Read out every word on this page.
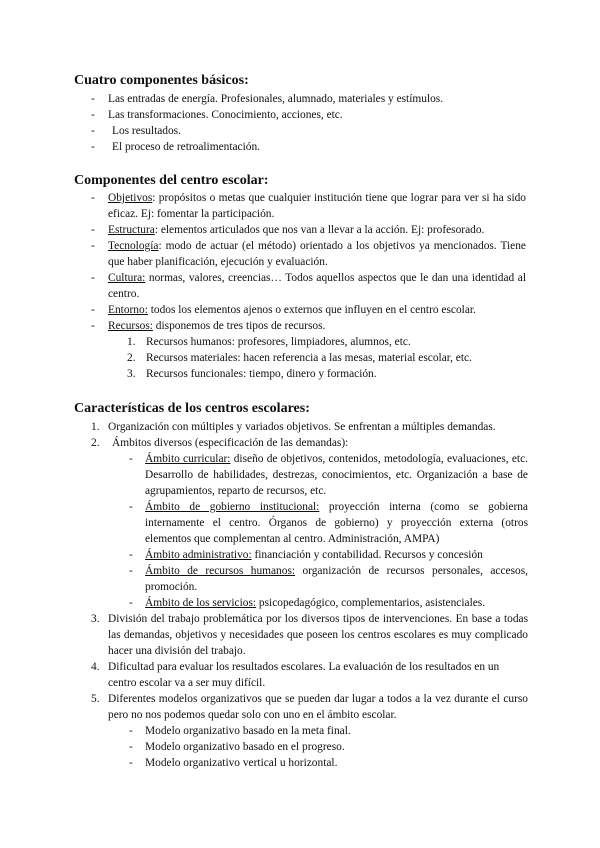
Cuatro componentes básicos:
- Las entradas de energía. Profesionales, alumnado, materiales y estímulos.
- Las transformaciones. Conocimiento, acciones, etc.
- Los resultados.
- El proceso de retroalimentación.
Componentes del centro escolar:
- Objetivos: propósitos o metas que cualquier institución tiene que lograr para ver si ha sido eficaz. Ej: fomentar la participación.
- Estructura: elementos articulados que nos van a llevar a la acción. Ej: profesorado.
- Tecnología: modo de actuar (el método) orientado a los objetivos ya mencionados. Tiene que haber planificación, ejecución y evaluación.
- Cultura: normas, valores, creencias… Todos aquellos aspectos que le dan una identidad al centro.
- Entorno: todos los elementos ajenos o externos que influyen en el centro escolar.
- Recursos: disponemos de tres tipos de recursos.
1. Recursos humanos: profesores, limpiadores, alumnos, etc.
2. Recursos materiales: hacen referencia a las mesas, material escolar, etc.
3. Recursos funcionales: tiempo, dinero y formación.
Características de los centros escolares:
1. Organización con múltiples y variados objetivos. Se enfrentan a múltiples demandas.
2. Ámbitos diversos (especificación de las demandas):
- Ámbito curricular: diseño de objetivos, contenidos, metodología, evaluaciones, etc. Desarrollo de habilidades, destrezas, conocimientos, etc. Organización a base de agrupamientos, reparto de recursos, etc.
- Ámbito de gobierno institucional: proyección interna (como se gobierna internamente el centro. Órganos de gobierno) y proyección externa (otros elementos que complementan al centro. Administración, AMPA)
- Ámbito administrativo: financiación y contabilidad. Recursos y concesión
- Ámbito de recursos humanos: organización de recursos personales, accesos, promoción.
- Ámbito de los servicios: psicopedagógico, complementarios, asistenciales.
3. División del trabajo problemática por los diversos tipos de intervenciones. En base a todas las demandas, objetivos y necesidades que poseen los centros escolares es muy complicado hacer una división del trabajo.
4. Dificultad para evaluar los resultados escolares. La evaluación de los resultados en un centro escolar va a ser muy difícil.
5. Diferentes modelos organizativos que se pueden dar lugar a todos a la vez durante el curso pero no nos podemos quedar solo con uno en el ámbito escolar.
- Modelo organizativo basado en la meta final.
- Modelo organizativo basado en el progreso.
- Modelo organizativo vertical u horizontal.
